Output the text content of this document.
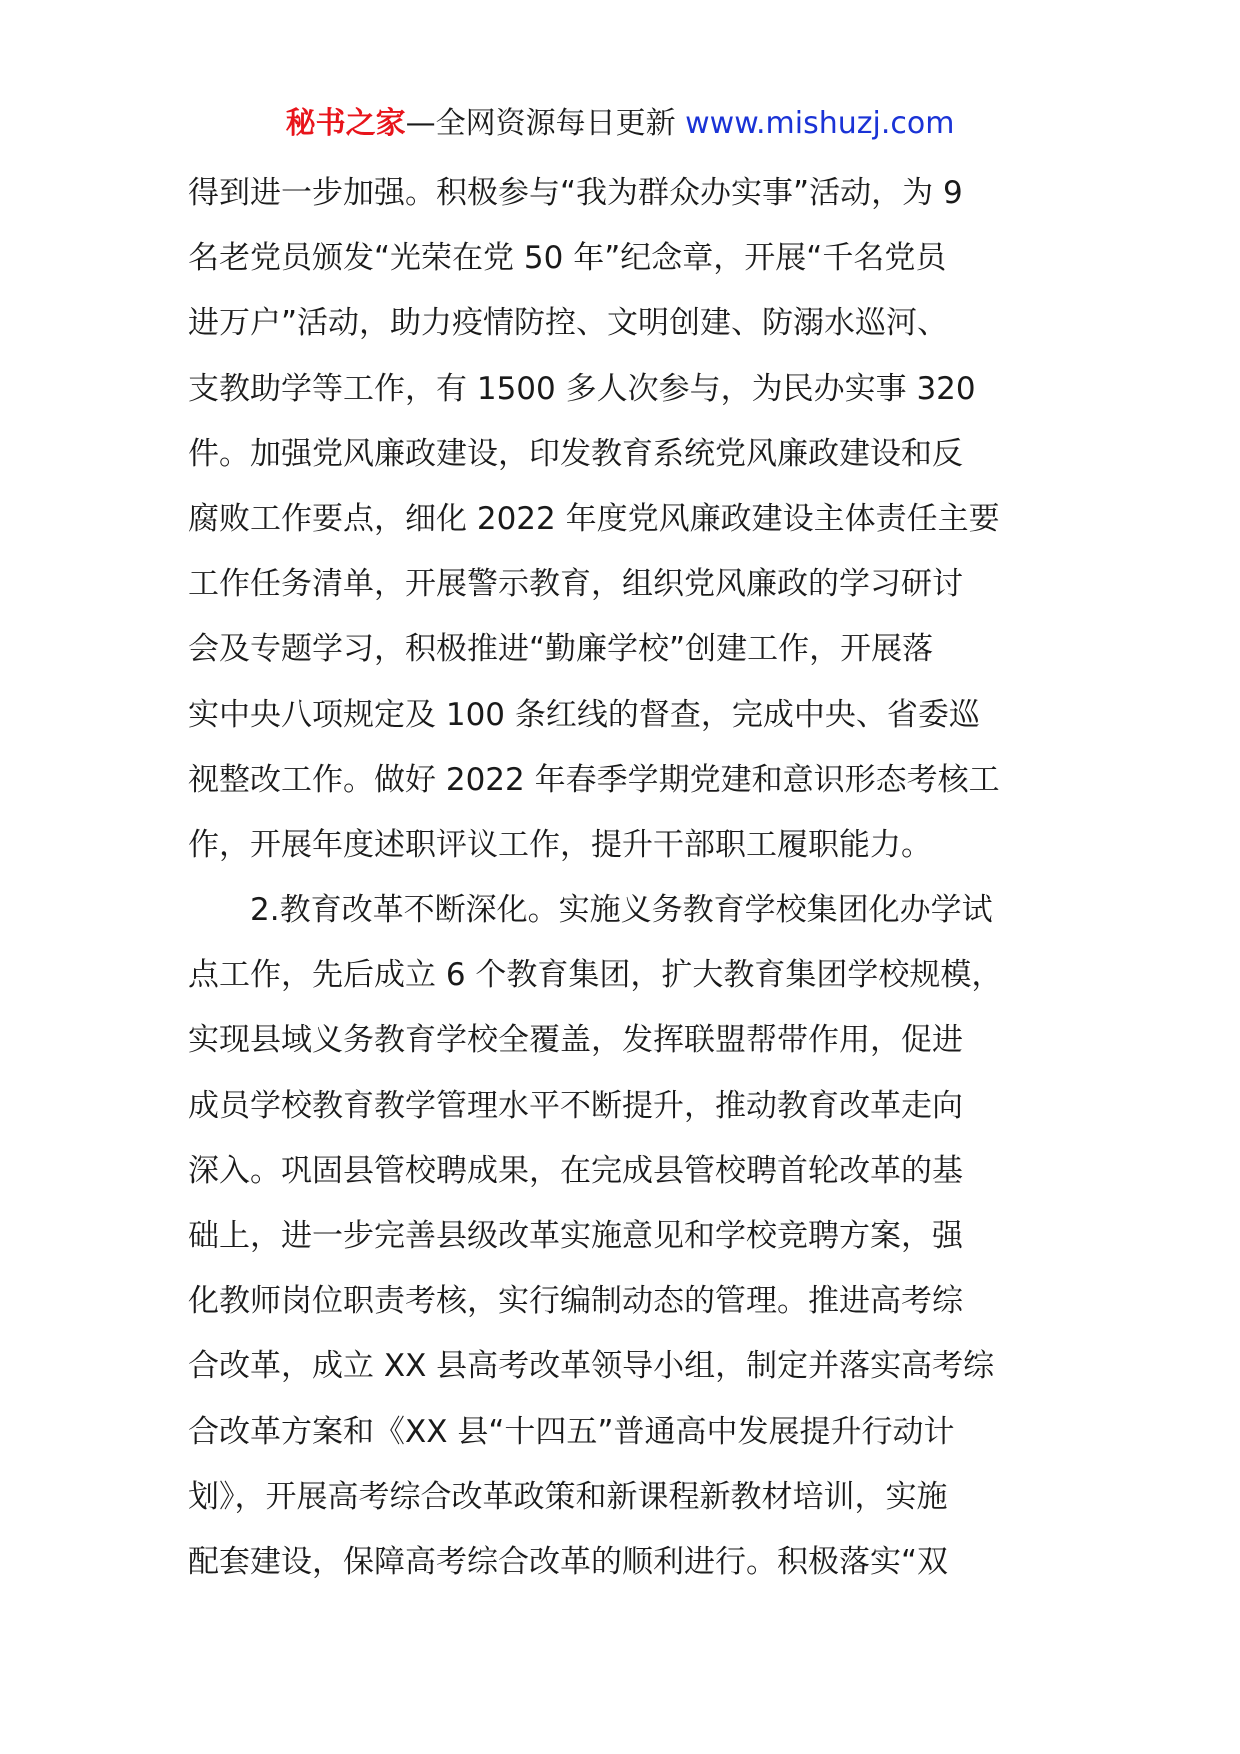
秘书之家—全网资源每日更新 www.mishuzj.com
得到进一步加强。积极参与“我为群众办实事”活动，为 9
名老党员颁发“光荣在党 50 年”纪念章，开展“千名党员
进万户”活动，助力疫情防控、文明创建、防溺水巡河、
支教助学等工作，有 1500 多人次参与，为民办实事 320
件。加强党风廉政建设，印发教育系统党风廉政建设和反
腐败工作要点，细化 2022 年度党风廉政建设主体责任主要
工作任务清单，开展警示教育，组织党风廉政的学习研讨
会及专题学习，积极推进“勤廉学校”创建工作，开展落
实中央八项规定及 100 条红线的督查，完成中央、省委巡
视整改工作。做好 2022 年春季学期党建和意识形态考核工
作，开展年度述职评议工作，提升干部职工履职能力。
　　2.教育改革不断深化。实施义务教育学校集团化办学试
点工作，先后成立 6 个教育集团，扩大教育集团学校规模，
实现县域义务教育学校全覆盖，发挥联盟帮带作用，促进
成员学校教育教学管理水平不断提升，推动教育改革走向
深入。巩固县管校聘成果，在完成县管校聘首轮改革的基
础上，进一步完善县级改革实施意见和学校竞聘方案，强
化教师岗位职责考核，实行编制动态的管理。推进高考综
合改革，成立 XX 县高考改革领导小组，制定并落实高考综
合改革方案和《XX 县“十四五”普通高中发展提升行动计
划》，开展高考综合改革政策和新课程新教材培训，实施
配套建设，保障高考综合改革的顺利进行。积极落实“双
